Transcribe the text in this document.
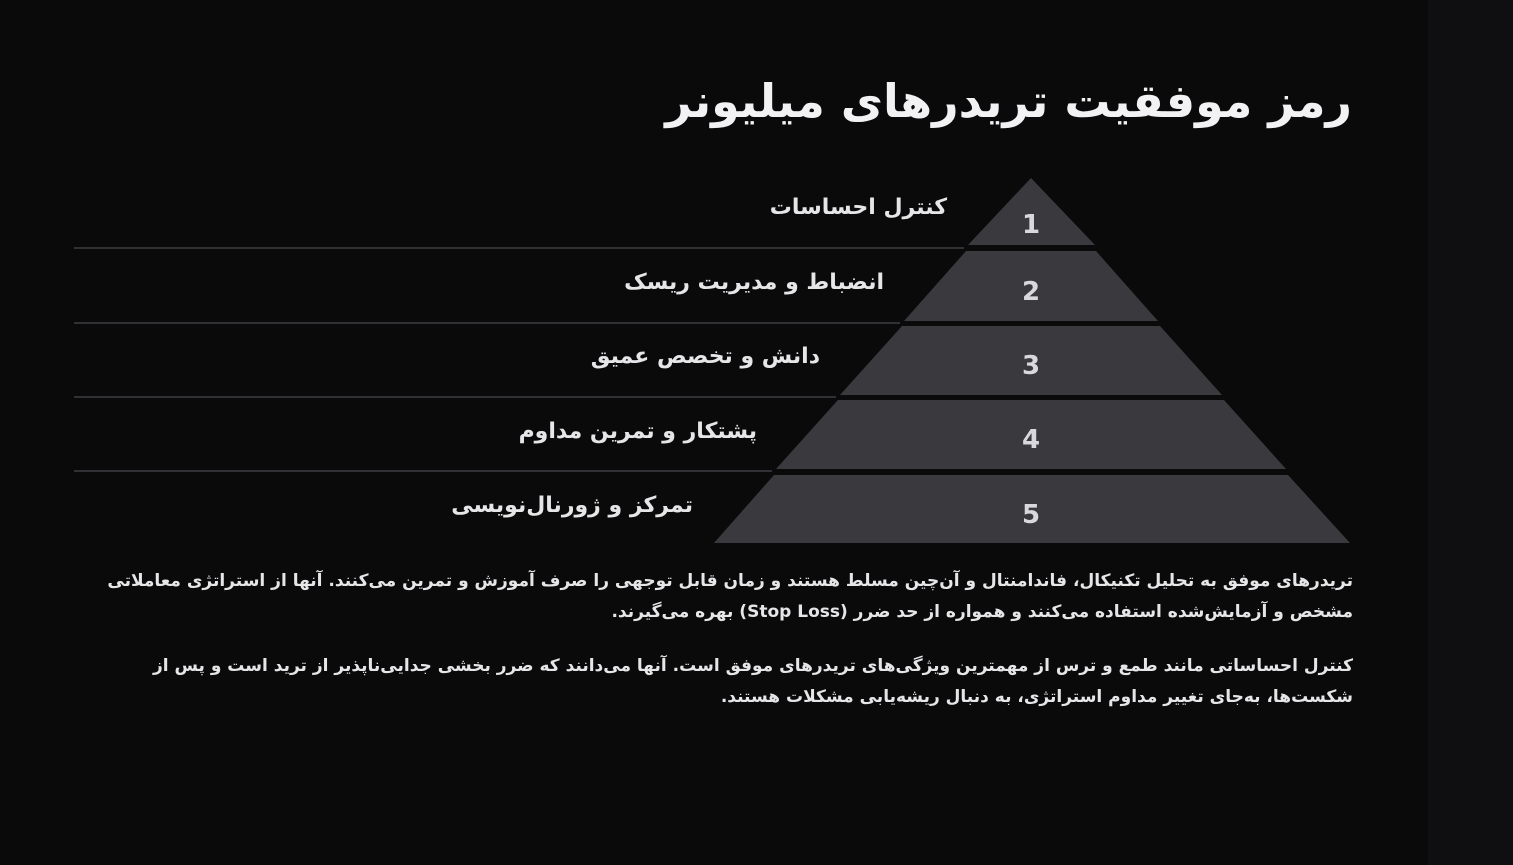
رمز موفقیت تریدرهای میلیونر
1
2
3
4
5
کنترل احساسات
انضباط و مدیریت ریسک
دانش و تخصص عمیق
پشتکار و تمرین مداوم
تمرکز و ژورنال‌نویسی

تریدرهای موفق به تحلیل تکنیکال، فاندامنتال و آن‌چین مسلط هستند و زمان قابل توجهی را صرف آموزش و تمرین می‌کنند. آنها از استراتژی معاملاتی مشخص و آزمایش‌شده استفاده می‌کنند و همواره از حد ضرر (Stop Loss) بهره می‌گیرند.

کنترل احساساتی مانند طمع و ترس از مهمترین ویژگی‌های تریدرهای موفق است. آنها می‌دانند که ضرر بخشی جدایی‌ناپذیر از ترید است و پس از شکست‌ها، به‌جای تغییر مداوم استراتژی، به دنبال ریشه‌یابی مشکلات هستند.
